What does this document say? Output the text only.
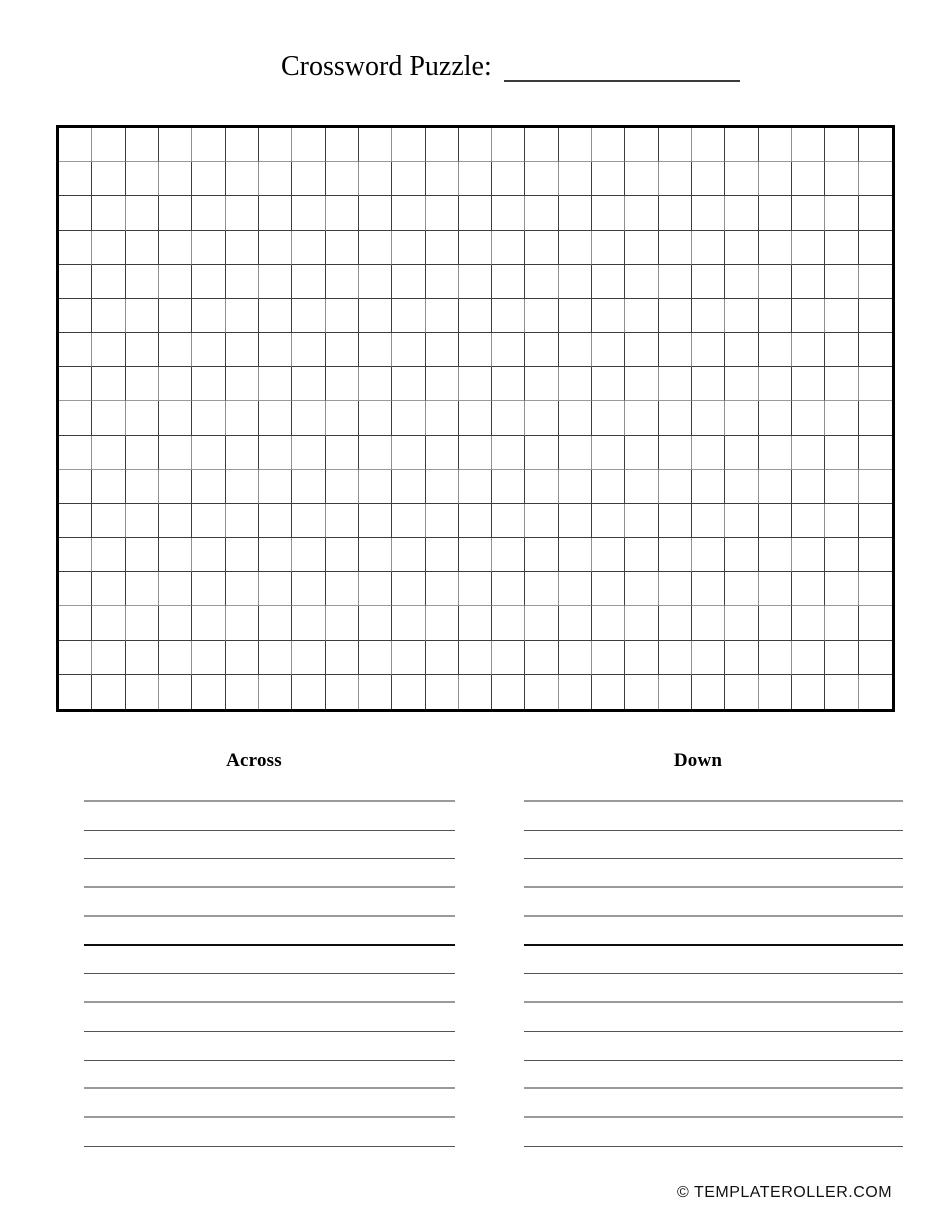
Crossword Puzzle:
Across	Down
© TEMPLATEROLLER.COM
